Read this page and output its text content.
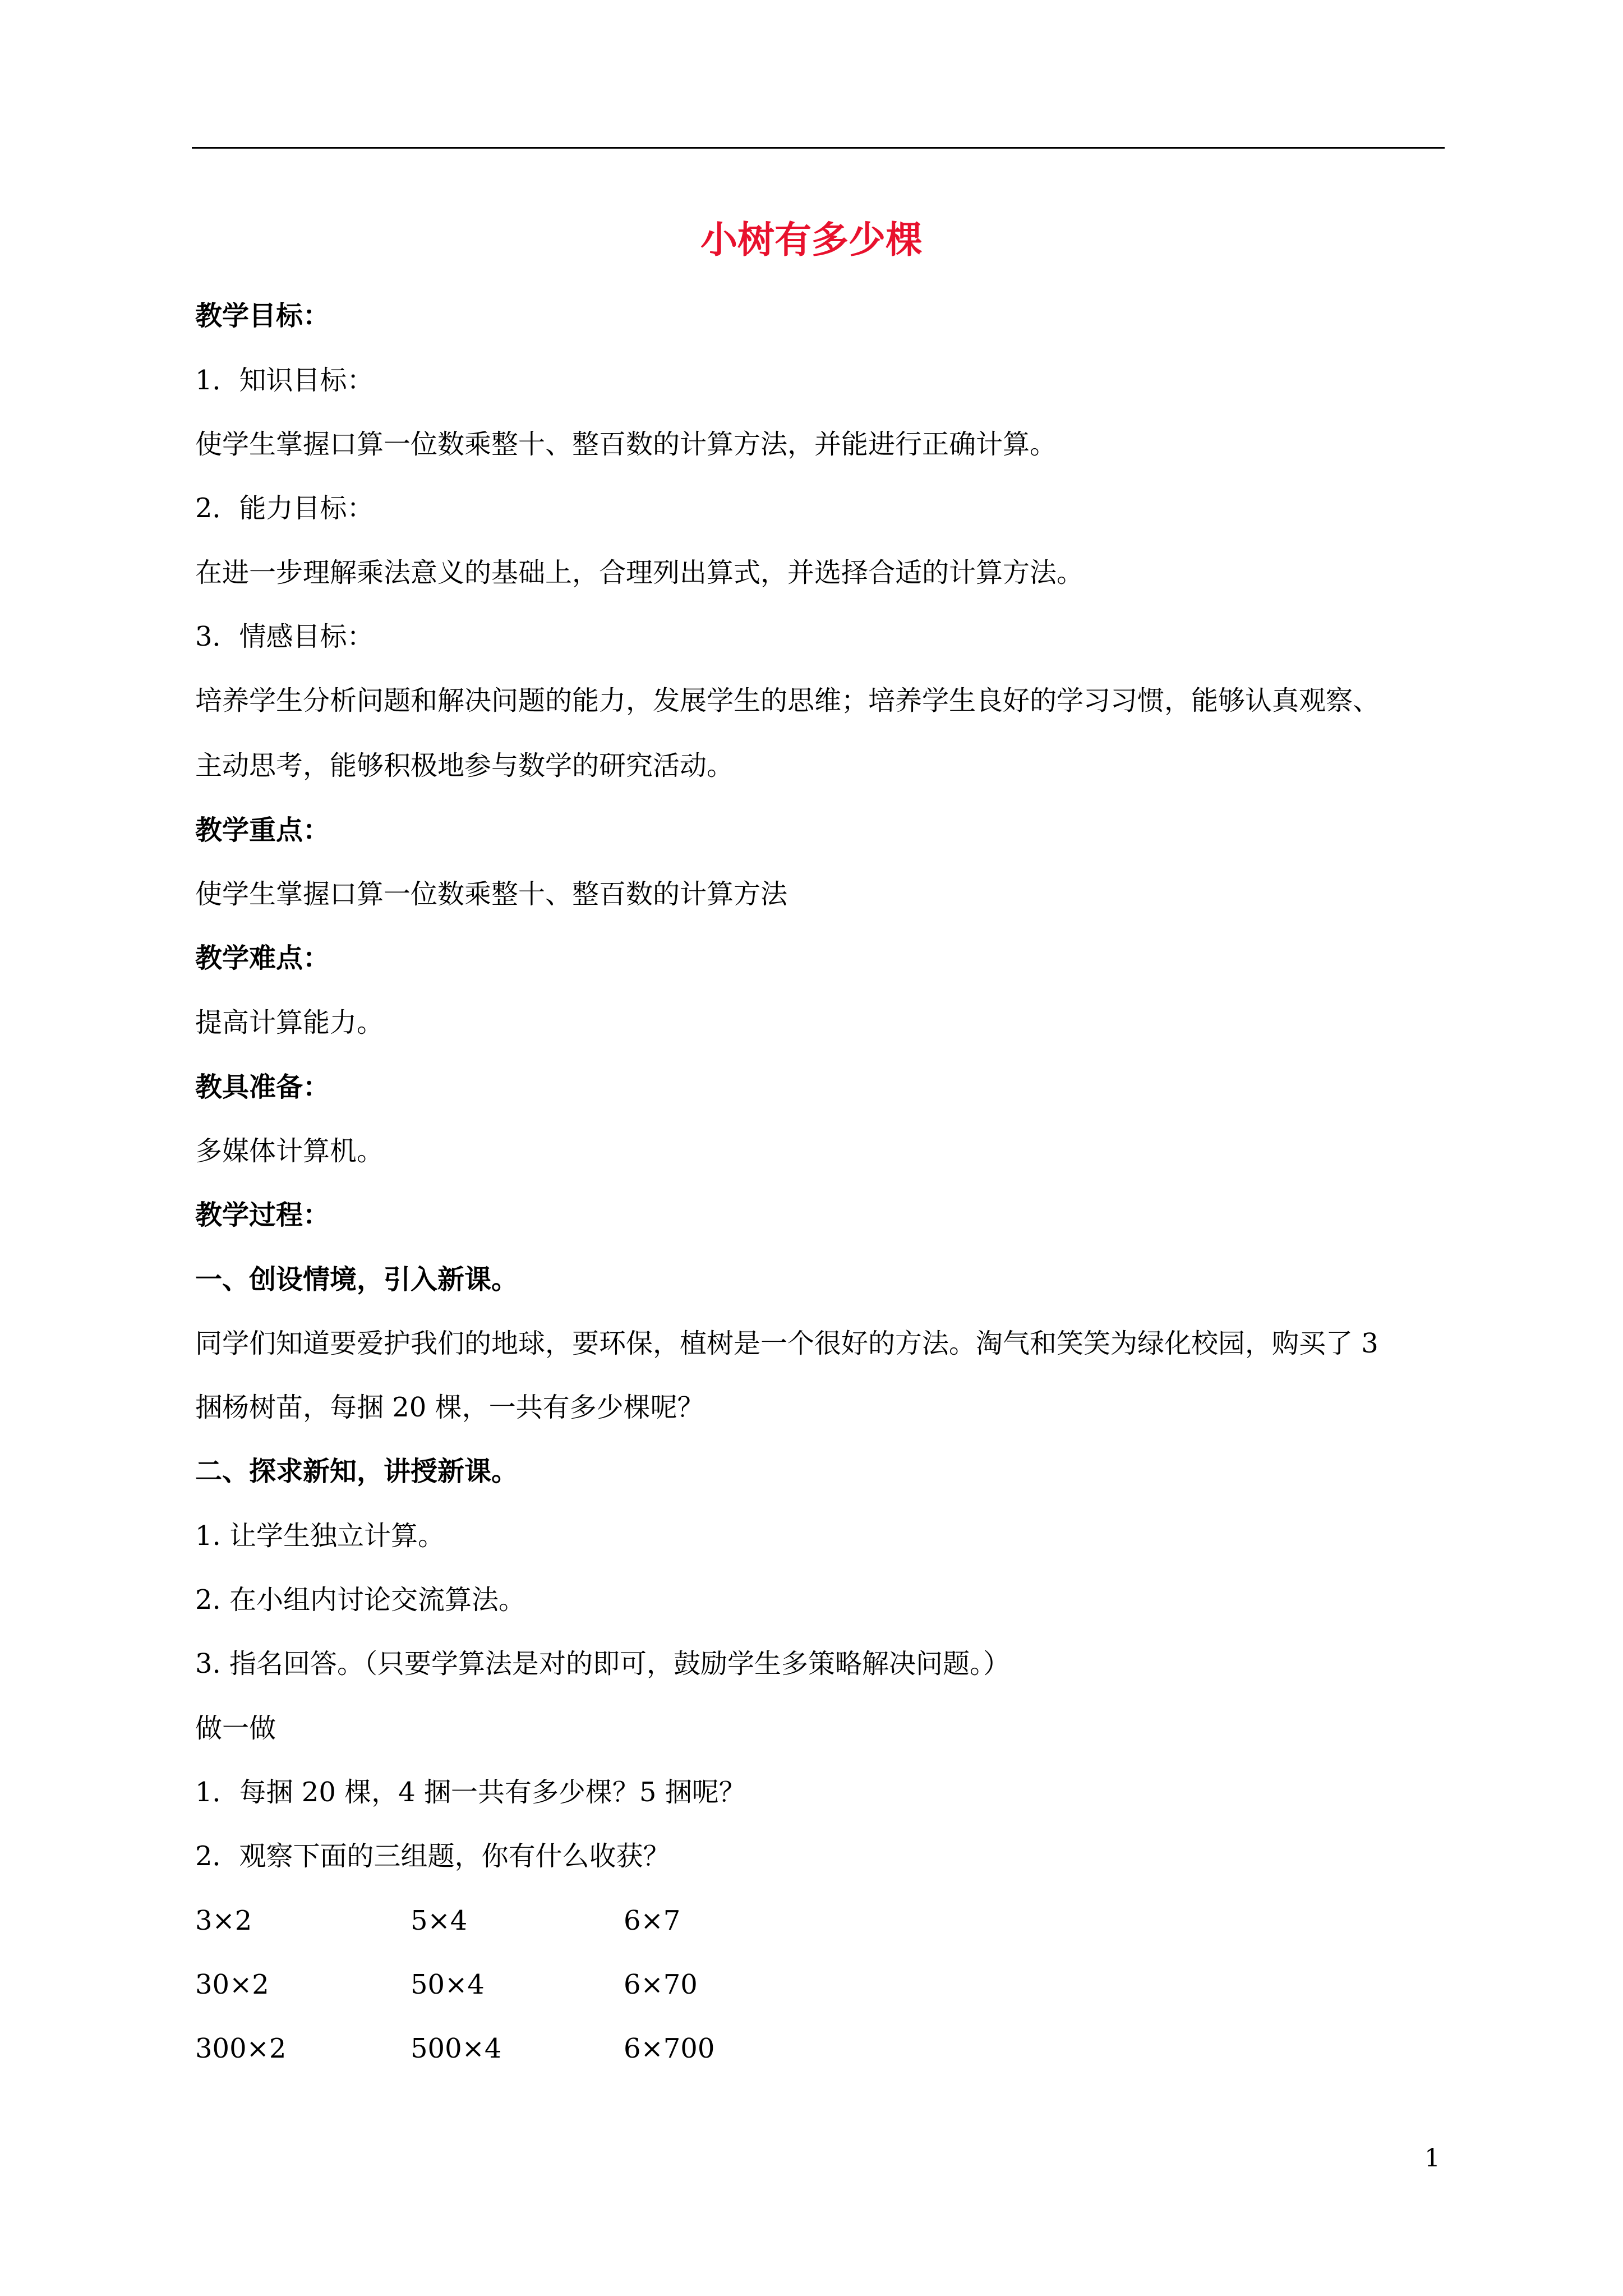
小树有多少棵
教学目标：
1．知识目标：
使学生掌握口算一位数乘整十、整百数的计算方法，并能进行正确计算。
2．能力目标：
在进一步理解乘法意义的基础上，合理列出算式，并选择合适的计算方法。
3．情感目标：
培养学生分析问题和解决问题的能力，发展学生的思维；培养学生良好的学习习惯，能够认真观察、
主动思考，能够积极地参与数学的研究活动。
教学重点：
使学生掌握口算一位数乘整十、整百数的计算方法
教学难点：
提高计算能力。
教具准备：
多媒体计算机。
教学过程：
一、创设情境，引入新课。
同学们知道要爱护我们的地球，要环保，植树是一个很好的方法。淘气和笑笑为绿化校园，购买了 3
捆杨树苗，每捆 20 棵，一共有多少棵呢？
二、探求新知，讲授新课。
1. 让学生独立计算。
2. 在小组内讨论交流算法。
3. 指名回答。（只要学算法是对的即可，鼓励学生多策略解决问题。）
做一做
1．每捆 20 棵，4 捆一共有多少棵？5 捆呢？
2．观察下面的三组题，你有什么收获？
3×2	5×4	6×7
30×2	50×4	6×70
300×2	500×4	6×700
1
